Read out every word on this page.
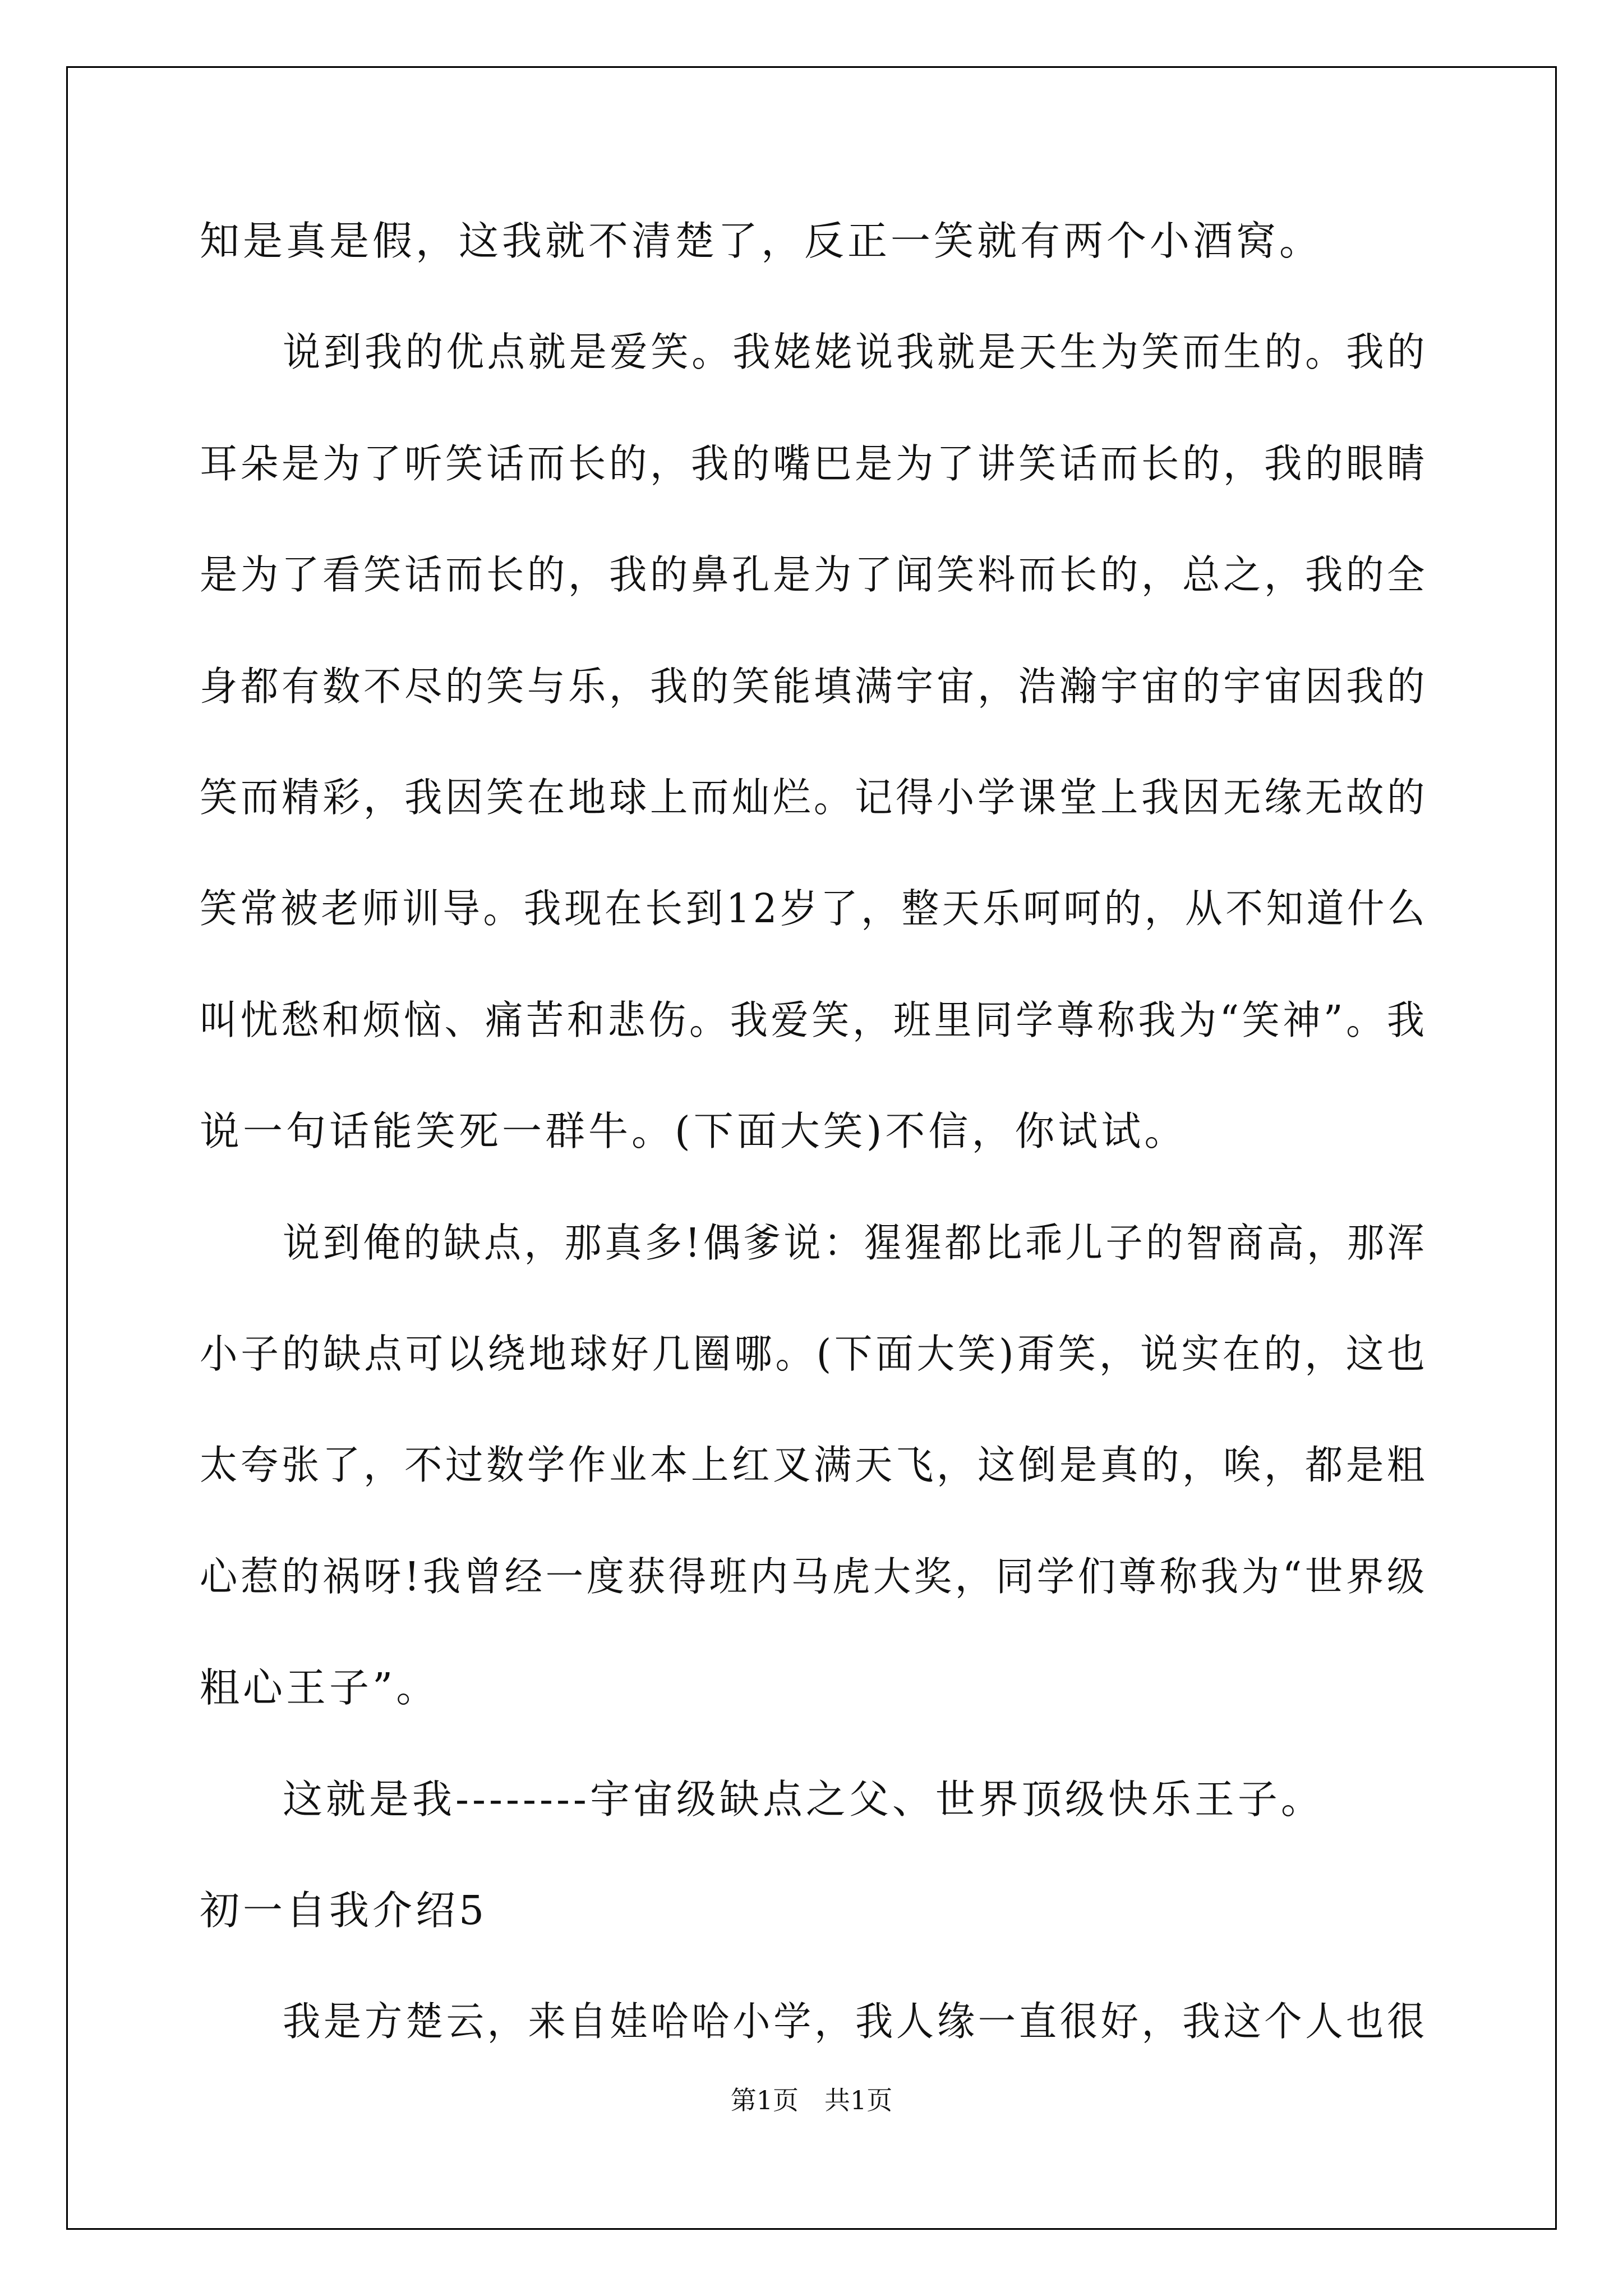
知是真是假，这我就不清楚了，反正一笑就有两个小酒窝。
说到我的优点就是爱笑。我姥姥说我就是天生为笑而生的。我的
耳朵是为了听笑话而长的，我的嘴巴是为了讲笑话而长的，我的眼睛
是为了看笑话而长的，我的鼻孔是为了闻笑料而长的，总之，我的全
身都有数不尽的笑与乐，我的笑能填满宇宙，浩瀚宇宙的宇宙因我的
笑而精彩，我因笑在地球上而灿烂。记得小学课堂上我因无缘无故的
笑常被老师训导。我现在长到12岁了，整天乐呵呵的，从不知道什么
叫忧愁和烦恼、痛苦和悲伤。我爱笑，班里同学尊称我为“笑神”。我
说一句话能笑死一群牛。(下面大笑)不信，你试试。
说到俺的缺点，那真多!偶爹说：猩猩都比乖儿子的智商高，那浑
小子的缺点可以绕地球好几圈哪。(下面大笑)甭笑，说实在的，这也
太夸张了，不过数学作业本上红叉满天飞，这倒是真的，唉，都是粗
心惹的祸呀!我曾经一度获得班内马虎大奖，同学们尊称我为“世界级
粗心王子”。
这就是我--------宇宙级缺点之父、世界顶级快乐王子。
初一自我介绍5
我是方楚云，来自娃哈哈小学，我人缘一直很好，我这个人也很
第1页　共1页
